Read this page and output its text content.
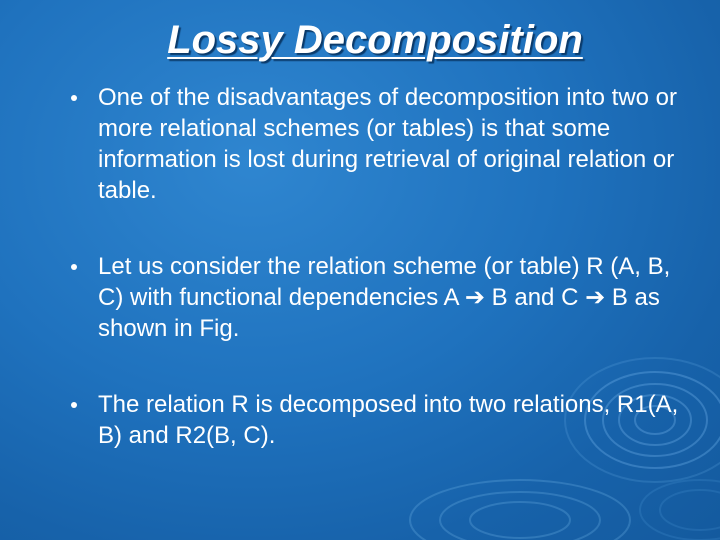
Lossy Decomposition
One of the disadvantages of decomposition into two or more relational schemes (or tables) is that some information is lost during retrieval of original relation or table.
Let us consider the relation scheme (or table) R (A, B, C) with functional dependencies A ➔ B and C ➔ B as shown in Fig.
The relation R is decomposed into two relations, R1(A, B) and R2(B, C).
